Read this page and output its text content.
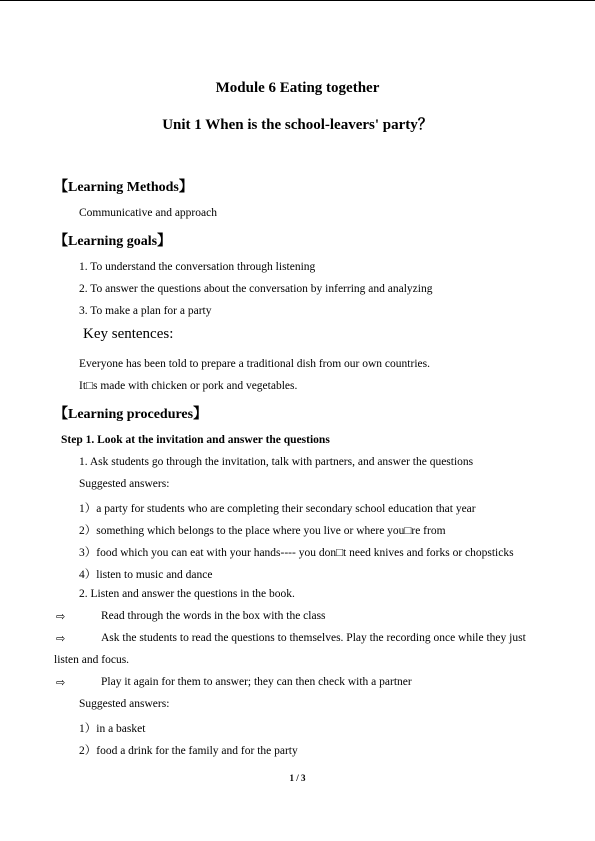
Module 6 Eating together
Unit 1 When is the school-leavers' party？
【Learning Methods】
Communicative and approach
【Learning goals】
1. To understand the conversation through listening
2. To answer the questions about the conversation by inferring and analyzing
3. To make a plan for a party
Key sentences:
Everyone has been told to prepare a traditional dish from our own countries.
It□s made with chicken or pork and vegetables.
【Learning procedures】
Step 1. Look at the invitation and answer the questions
1. Ask students go through the invitation, talk with partners, and answer the questions
Suggested answers:
1）a party for students who are completing their secondary school education that year
2）something which belongs to the place where you live or where you□re from
3）food which you can eat with your hands---- you don□t need knives and forks or chopsticks
4）listen to music and dance
2. Listen and answer the questions in the book.
⇨	Read through the words in the box with the class
⇨	Ask the students to read the questions to themselves. Play the recording once while they just
listen and focus.
⇨	Play it again for them to answer; they can then check with a partner
Suggested answers:
1）in a basket
2）food a drink for the family and for the party
1 / 3
